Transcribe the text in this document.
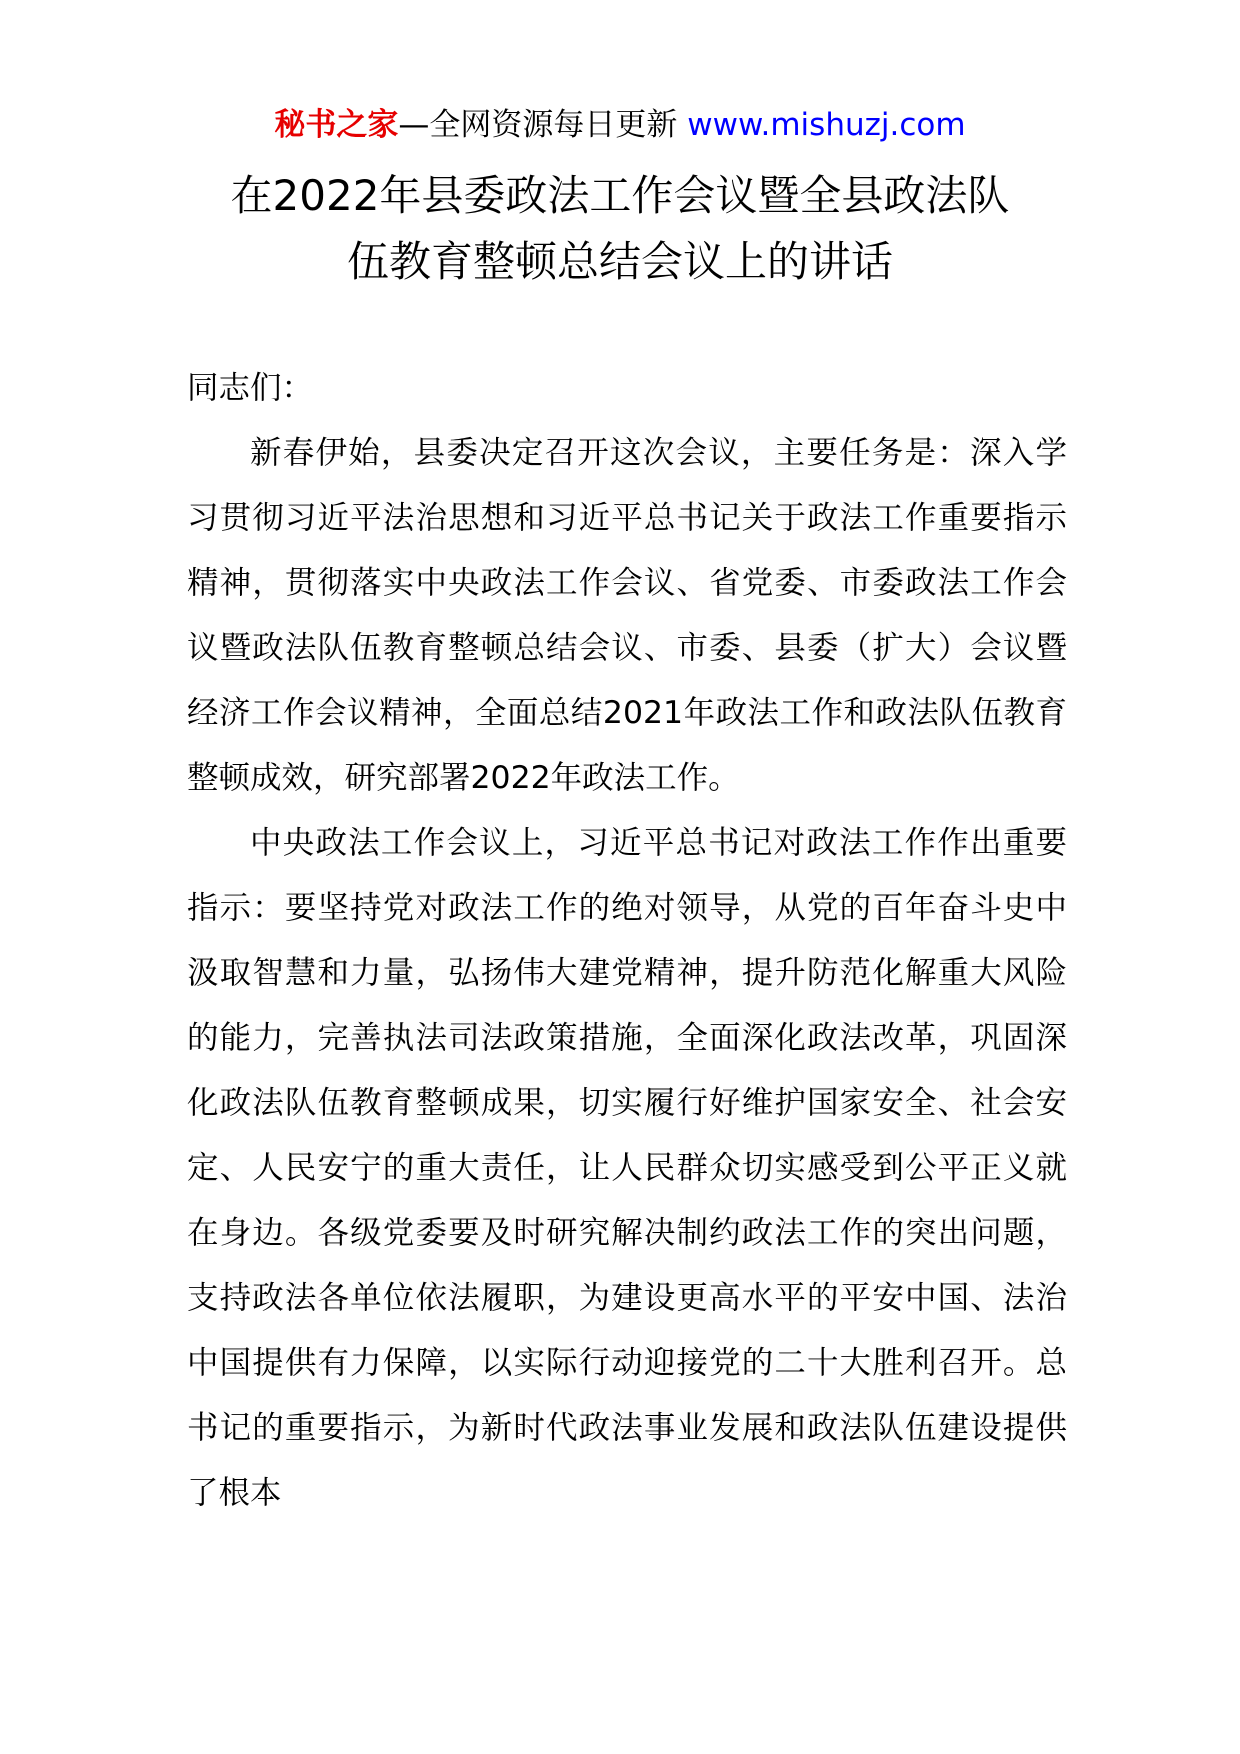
秘书之家—全网资源每日更新 www.mishuzj.com
在2022年县委政法工作会议暨全县政法队
伍教育整顿总结会议上的讲话

同志们：

新春伊始，县委决定召开这次会议，主要任务是：深入学习贯彻习近平法治思想和习近平总书记关于政法工作重要指示精神，贯彻落实中央政法工作会议、省党委、市委政法工作会议暨政法队伍教育整顿总结会议、市委、县委（扩大）会议暨经济工作会议精神，全面总结2021年政法工作和政法队伍教育整顿成效，研究部署2022年政法工作。

中央政法工作会议上，习近平总书记对政法工作作出重要指示：要坚持党对政法工作的绝对领导，从党的百年奋斗史中汲取智慧和力量，弘扬伟大建党精神，提升防范化解重大风险的能力，完善执法司法政策措施，全面深化政法改革，巩固深化政法队伍教育整顿成果，切实履行好维护国家安全、社会安定、人民安宁的重大责任，让人民群众切实感受到公平正义就在身边。各级党委要及时研究解决制约政法工作的突出问题，支持政法各单位依法履职，为建设更高水平的平安中国、法治中国提供有力保障，以实际行动迎接党的二十大胜利召开。总书记的重要指示，为新时代政法事业发展和政法队伍建设提供了根本
